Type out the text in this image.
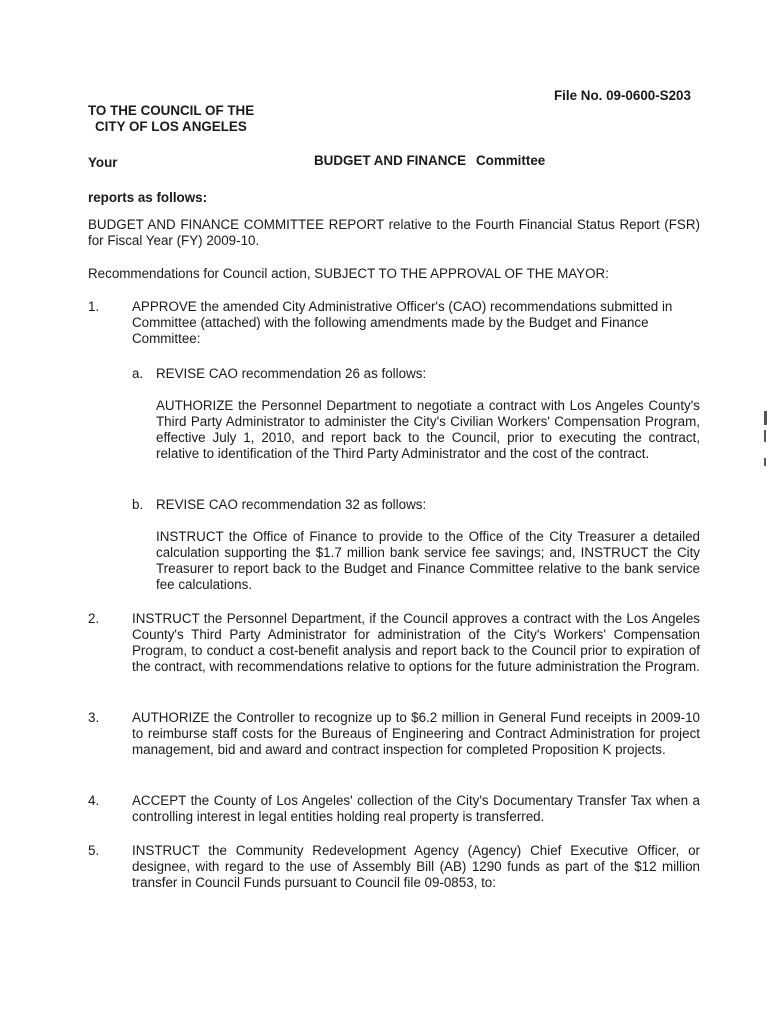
File No. 09-0600-S203
TO THE COUNCIL OF THE
CITY OF LOS ANGELES
Your	BUDGET AND FINANCE Committee
reports as follows:
BUDGET AND FINANCE COMMITTEE REPORT relative to the Fourth Financial Status Report (FSR) for Fiscal Year (FY) 2009-10.
Recommendations for Council action, SUBJECT TO THE APPROVAL OF THE MAYOR:
1. APPROVE the amended City Administrative Officer's (CAO) recommendations submitted in Committee (attached) with the following amendments made by the Budget and Finance Committee:
a. REVISE CAO recommendation 26 as follows:
AUTHORIZE the Personnel Department to negotiate a contract with Los Angeles County's Third Party Administrator to administer the City's Civilian Workers' Compensation Program, effective July 1, 2010, and report back to the Council, prior to executing the contract, relative to identification of the Third Party Administrator and the cost of the contract.
b. REVISE CAO recommendation 32 as follows:
INSTRUCT the Office of Finance to provide to the Office of the City Treasurer a detailed calculation supporting the $1.7 million bank service fee savings; and, INSTRUCT the City Treasurer to report back to the Budget and Finance Committee relative to the bank service fee calculations.
2. INSTRUCT the Personnel Department, if the Council approves a contract with the Los Angeles County's Third Party Administrator for administration of the City's Workers' Compensation Program, to conduct a cost-benefit analysis and report back to the Council prior to expiration of the contract, with recommendations relative to options for the future administration the Program.
3. AUTHORIZE the Controller to recognize up to $6.2 million in General Fund receipts in 2009-10 to reimburse staff costs for the Bureaus of Engineering and Contract Administration for project management, bid and award and contract inspection for completed Proposition K projects.
4. ACCEPT the County of Los Angeles' collection of the City's Documentary Transfer Tax when a controlling interest in legal entities holding real property is transferred.
5. INSTRUCT the Community Redevelopment Agency (Agency) Chief Executive Officer, or designee, with regard to the use of Assembly Bill (AB) 1290 funds as part of the $12 million transfer in Council Funds pursuant to Council file 09-0853, to:
